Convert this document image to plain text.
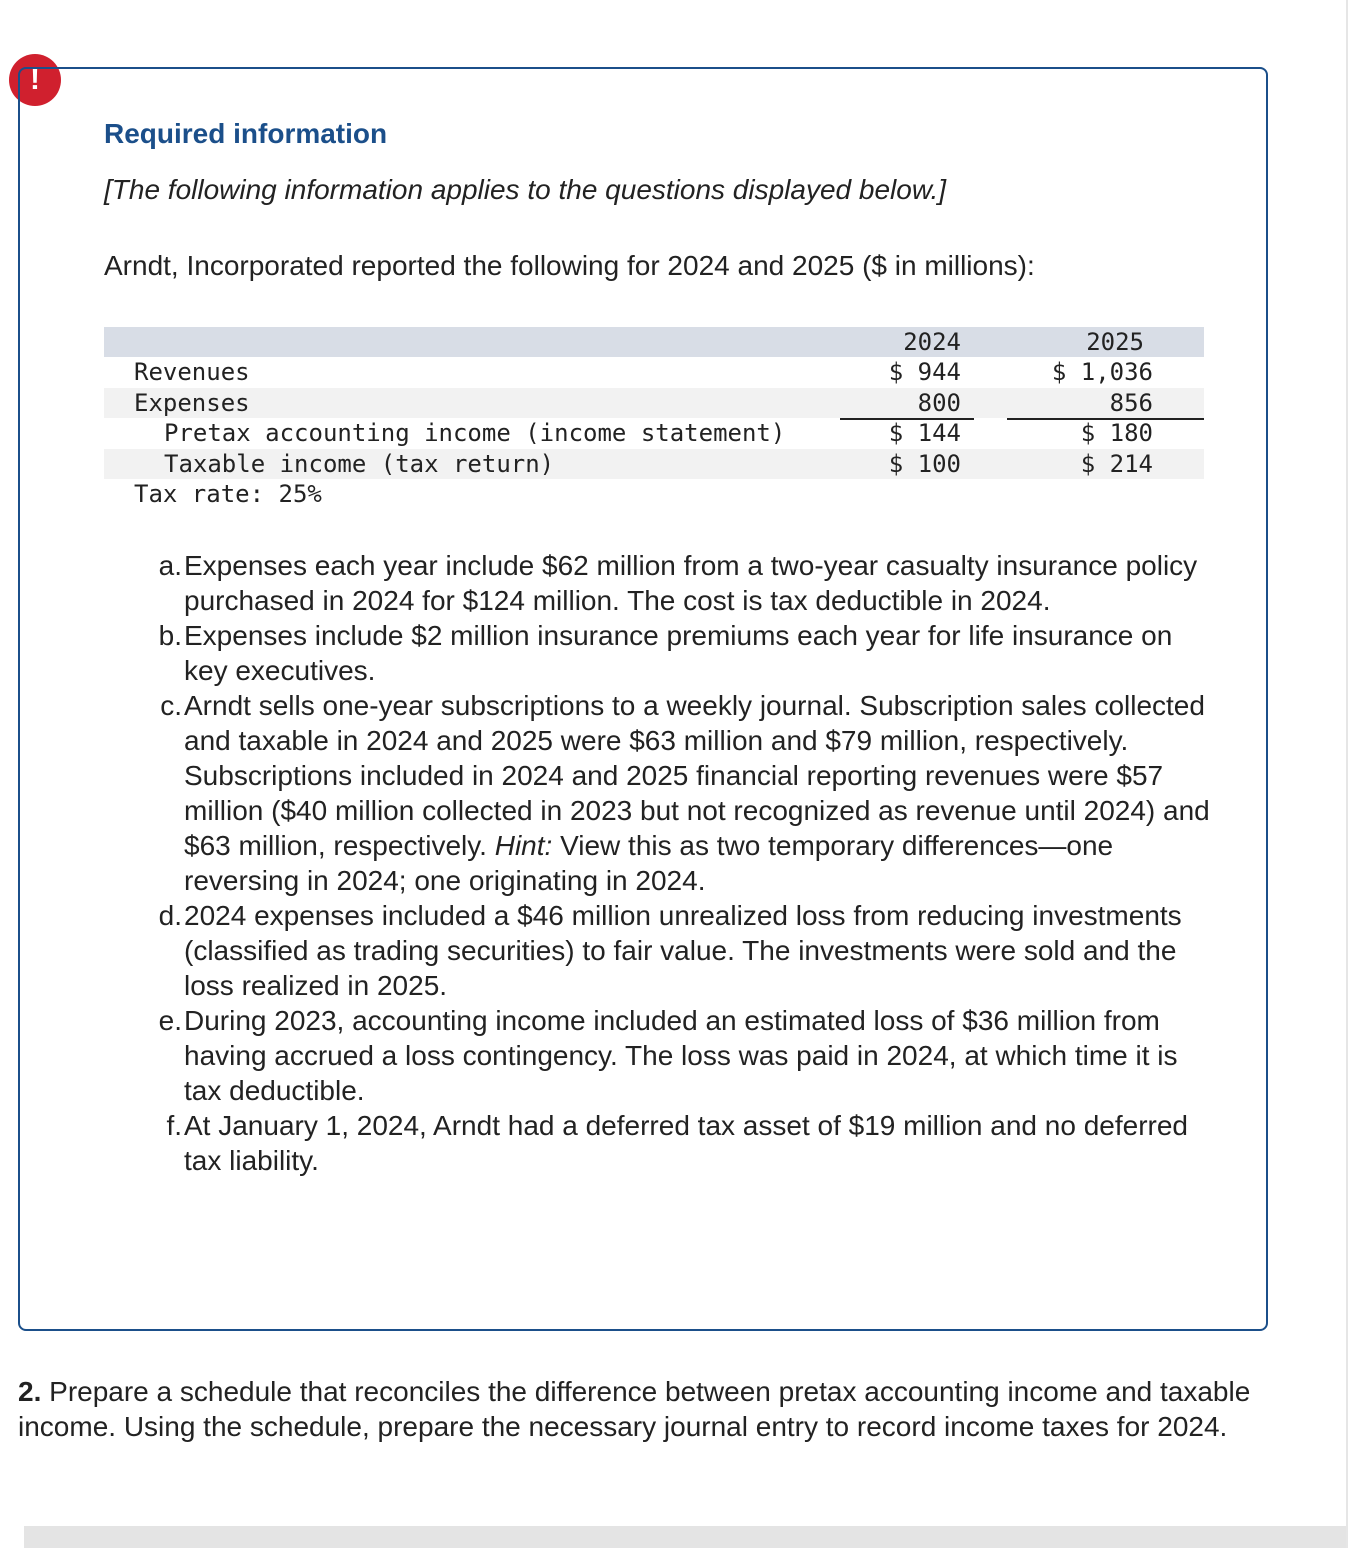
!
Required information
[The following information applies to the questions displayed below.]
Arndt, Incorporated reported the following for 2024 and 2025 ($ in millions):
2024	2025
Revenues	$ 944	$ 1,036
Expenses	800	856
Pretax accounting income (income statement)	$ 144	$ 180
Taxable income (tax return)	$ 100	$ 214
Tax rate: 25%
a. Expenses each year include $62 million from a two-year casualty insurance policy purchased in 2024 for $124 million. The cost is tax deductible in 2024.
b. Expenses include $2 million insurance premiums each year for life insurance on key executives.
c. Arndt sells one-year subscriptions to a weekly journal. Subscription sales collected and taxable in 2024 and 2025 were $63 million and $79 million, respectively. Subscriptions included in 2024 and 2025 financial reporting revenues were $57 million ($40 million collected in 2023 but not recognized as revenue until 2024) and $63 million, respectively. Hint: View this as two temporary differences—one reversing in 2024; one originating in 2024.
d. 2024 expenses included a $46 million unrealized loss from reducing investments (classified as trading securities) to fair value. The investments were sold and the loss realized in 2025.
e. During 2023, accounting income included an estimated loss of $36 million from having accrued a loss contingency. The loss was paid in 2024, at which time it is tax deductible.
f. At January 1, 2024, Arndt had a deferred tax asset of $19 million and no deferred tax liability.
2. Prepare a schedule that reconciles the difference between pretax accounting income and taxable income. Using the schedule, prepare the necessary journal entry to record income taxes for 2024.
